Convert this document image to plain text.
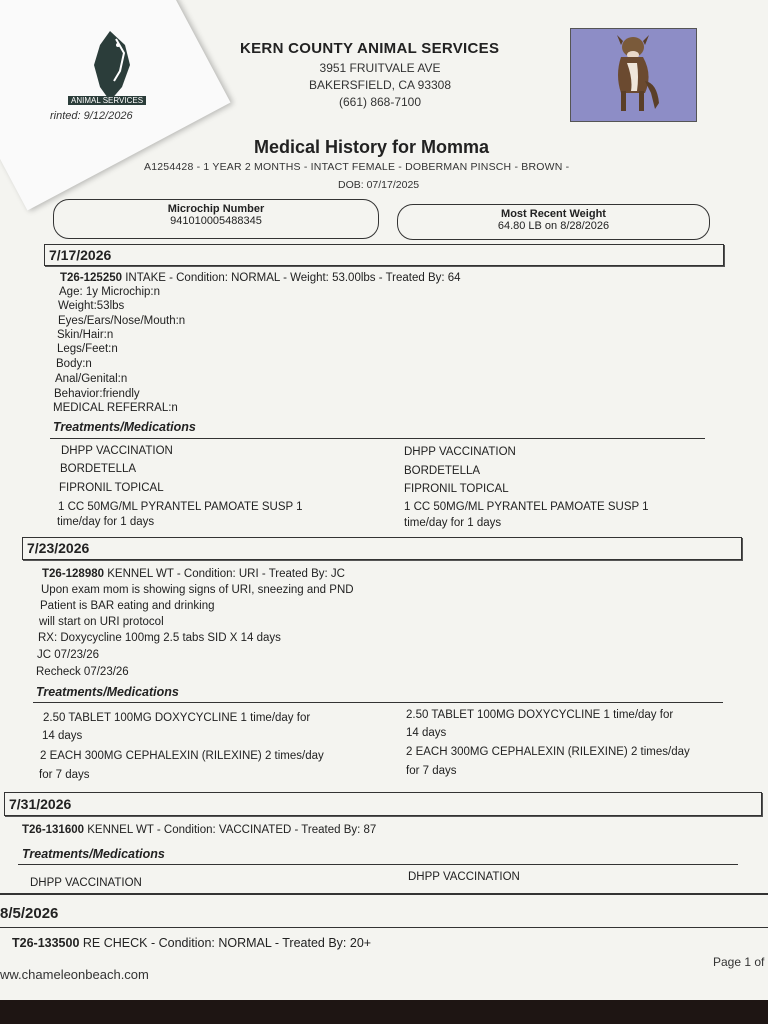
ANIMAL SERVICES
rinted: 9/12/2026
KERN COUNTY ANIMAL SERVICES
3951 FRUITVALE AVE
BAKERSFIELD, CA 93308
(661) 868-7100
Medical History for Momma
A1254428 - 1 YEAR 2 MONTHS - INTACT FEMALE - DOBERMAN PINSCH - BROWN -
DOB: 07/17/2025
Microchip Number
941010005488345
Most Recent Weight
64.80 LB on 8/28/2026
7/17/2026
T26-125250 INTAKE - Condition: NORMAL - Weight: 53.00lbs - Treated By: 64
Age: 1y Microchip:n
Weight:53lbs
Eyes/Ears/Nose/Mouth:n
Skin/Hair:n
Legs/Feet:n
Body:n
Anal/Genital:n
Behavior:friendly
MEDICAL REFERRAL:n
Treatments/Medications
DHPP VACCINATION
BORDETELLA
FIPRONIL TOPICAL
1 CC 50MG/ML PYRANTEL PAMOATE SUSP 1
time/day for 1 days
DHPP VACCINATION
BORDETELLA
FIPRONIL TOPICAL
1 CC 50MG/ML PYRANTEL PAMOATE SUSP 1
time/day for 1 days
7/23/2026
T26-128980 KENNEL WT - Condition: URI - Treated By: JC
Upon exam mom is showing signs of URI, sneezing and PND
Patient is BAR eating and drinking
will start on URI protocol
RX: Doxycycline 100mg 2.5 tabs SID X 14 days
JC 07/23/26
Recheck 07/23/26
Treatments/Medications
2.50 TABLET 100MG DOXYCYCLINE 1 time/day for
14 days
2 EACH 300MG CEPHALEXIN (RILEXINE) 2 times/day
for 7 days
2.50 TABLET 100MG DOXYCYCLINE 1 time/day for
14 days
2 EACH 300MG CEPHALEXIN (RILEXINE) 2 times/day
for 7 days
7/31/2026
T26-131600 KENNEL WT - Condition: VACCINATED - Treated By: 87
Treatments/Medications
DHPP VACCINATION	DHPP VACCINATION
8/5/2026
T26-133500 RE CHECK - Condition: NORMAL - Treated By: 20+
ww.chameleonbeach.com
Page 1 of
